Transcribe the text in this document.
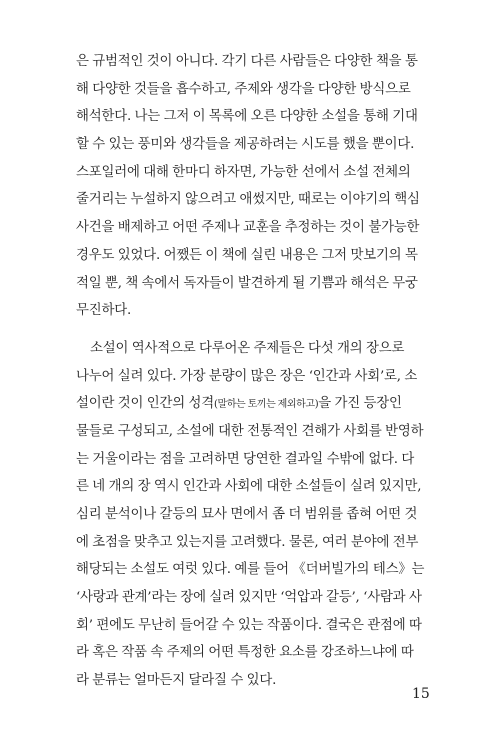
은 규범적인 것이 아니다. 각기 다른 사람들은 다양한 책을 통
해 다양한 것들을 흡수하고, 주제와 생각을 다양한 방식으로
해석한다. 나는 그저 이 목록에 오른 다양한 소설을 통해 기대
할 수 있는 풍미와 생각들을 제공하려는 시도를 했을 뿐이다.
스포일러에 대해 한마디 하자면, 가능한 선에서 소설 전체의
줄거리는 누설하지 않으려고 애썼지만, 때로는 이야기의 핵심
사건을 배제하고 어떤 주제나 교훈을 추정하는 것이 불가능한
경우도 있었다. 어쨌든 이 책에 실린 내용은 그저 맛보기의 목
적일 뿐, 책 속에서 독자들이 발견하게 될 기쁨과 해석은 무궁
무진하다.
소설이 역사적으로 다루어온 주제들은 다섯 개의 장으로
나누어 실려 있다. 가장 분량이 많은 장은 ‘인간과 사회’로, 소
설이란 것이 인간의 성격(말하는 토끼는 제외하고)을 가진 등장인
물들로 구성되고, 소설에 대한 전통적인 견해가 사회를 반영하
는 거울이라는 점을 고려하면 당연한 결과일 수밖에 없다. 다
른 네 개의 장 역시 인간과 사회에 대한 소설들이 실려 있지만,
심리 분석이나 갈등의 묘사 면에서 좀 더 범위를 좁혀 어떤 것
에 초점을 맞추고 있는지를 고려했다. 물론, 여러 분야에 전부
해당되는 소설도 여럿 있다. 예를 들어 《더버빌가의 테스》는
‘사랑과 관계’라는 장에 실려 있지만 ‘억압과 갈등’, ‘사람과 사
회’ 편에도 무난히 들어갈 수 있는 작품이다. 결국은 관점에 따
라 혹은 작품 속 주제의 어떤 특정한 요소를 강조하느냐에 따
라 분류는 얼마든지 달라질 수 있다.
15
